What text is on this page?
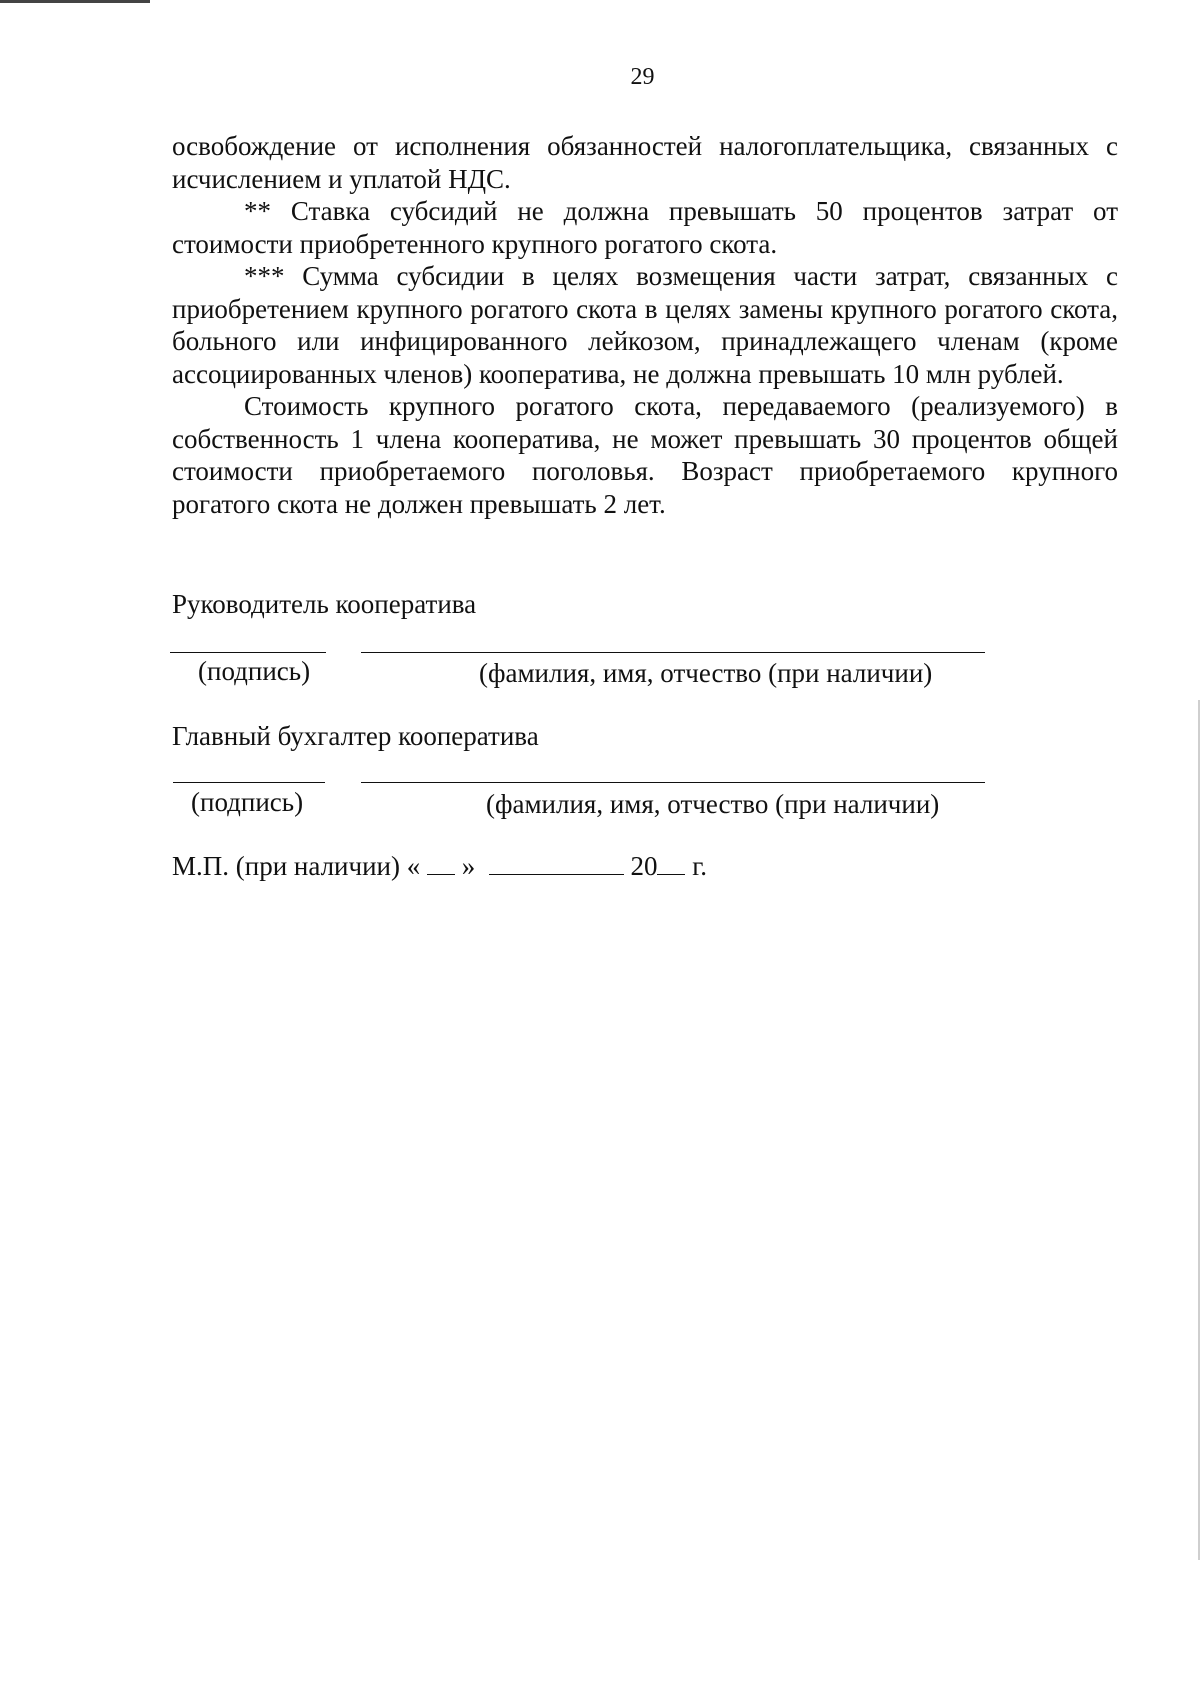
29

освобождение от исполнения обязанностей налогоплательщика, связанных с исчислением и уплатой НДС.

** Ставка субсидий не должна превышать 50 процентов затрат от стоимости приобретенного крупного рогатого скота.

*** Сумма субсидии в целях возмещения части затрат, связанных с приобретением крупного рогатого скота в целях замены крупного рогатого скота, больного или инфицированного лейкозом, принадлежащего членам (кроме ассоциированных членов) кооператива, не должна превышать 10 млн рублей.

Стоимость крупного рогатого скота, передаваемого (реализуемого) в собственность 1 члена кооператива, не может превышать 30 процентов общей стоимости приобретаемого поголовья. Возраст приобретаемого крупного рогатого скота не должен превышать 2 лет.

Руководитель кооператива
(подпись)	(фамилия, имя, отчество (при наличии)
Главный бухгалтер кооператива
(подпись)	(фамилия, имя, отчество (при наличии)
М.П. (при наличии) « »	20 г.
